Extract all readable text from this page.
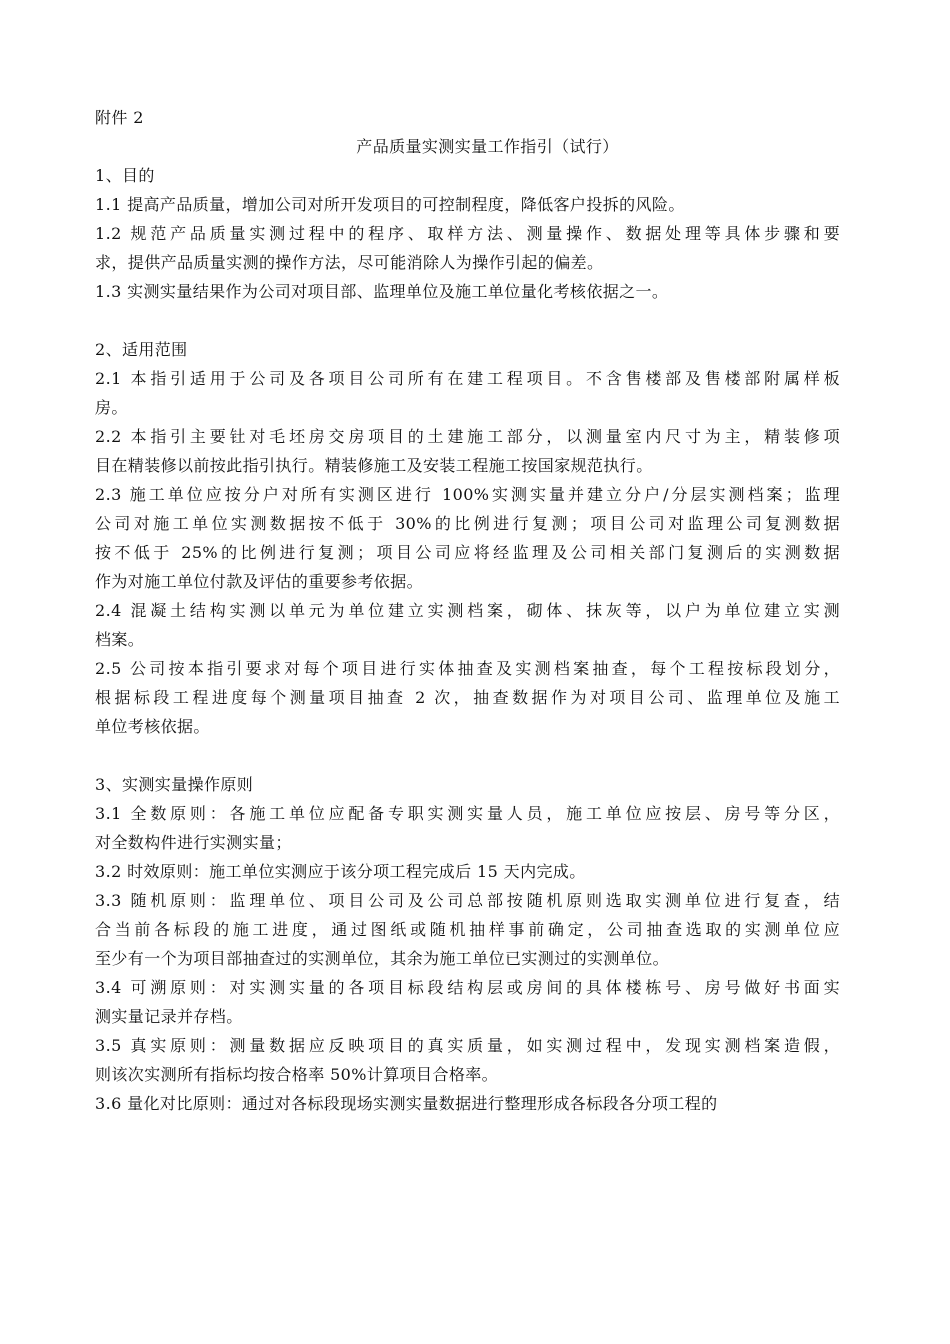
附件 2
产品质量实测实量工作指引（试行）
1、目的
1.1 提高产品质量，增加公司对所开发项目的可控制程度，降低客户投拆的风险。
1.2 规范产品质量实测过程中的程序、取样方法、测量操作、数据处理等具体步骤和要
求，提供产品质量实测的操作方法，尽可能消除人为操作引起的偏差。
1.3 实测实量结果作为公司对项目部、监理单位及施工单位量化考核依据之一。
2、适用范围
2.1 本指引适用于公司及各项目公司所有在建工程项目。不含售楼部及售楼部附属样板
房。
2.2 本指引主要钍对毛坯房交房项目的土建施工部分，以测量室内尺寸为主，精装修项
目在精装修以前按此指引执行。精装修施工及安装工程施工按国家规范执行。
2.3 施工单位应按分户对所有实测区进行 100%实测实量并建立分户/分层实测档案；监理
公司对施工单位实测数据按不低于 30%的比例进行复测；项目公司对监理公司复测数据
按不低于 25%的比例进行复测；项目公司应将经监理及公司相关部门复测后的实测数据
作为对施工单位付款及评估的重要参考依据。
2.4 混凝土结构实测以单元为单位建立实测档案，砌体、抹灰等，以户为单位建立实测
档案。
2.5 公司按本指引要求对每个项目进行实体抽查及实测档案抽查，每个工程按标段划分，
根据标段工程进度每个测量项目抽查 2 次，抽查数据作为对项目公司、监理单位及施工
单位考核依据。
3、实测实量操作原则
3.1 全数原则：各施工单位应配备专职实测实量人员，施工单位应按层、房号等分区，
对全数构件进行实测实量；
3.2 时效原则：施工单位实测应于该分项工程完成后 15 天内完成。
3.3 随机原则：监理单位、项目公司及公司总部按随机原则选取实测单位进行复查，结
合当前各标段的施工进度，通过图纸或随机抽样事前确定，公司抽查选取的实测单位应
至少有一个为项目部抽查过的实测单位，其余为施工单位已实测过的实测单位。
3.4 可溯原则：对实测实量的各项目标段结构层或房间的具体楼栋号、房号做好书面实
测实量记录并存档。
3.5 真实原则：测量数据应反映项目的真实质量，如实测过程中，发现实测档案造假，
则该次实测所有指标均按合格率 50%计算项目合格率。
3.6 量化对比原则：通过对各标段现场实测实量数据进行整理形成各标段各分项工程的
